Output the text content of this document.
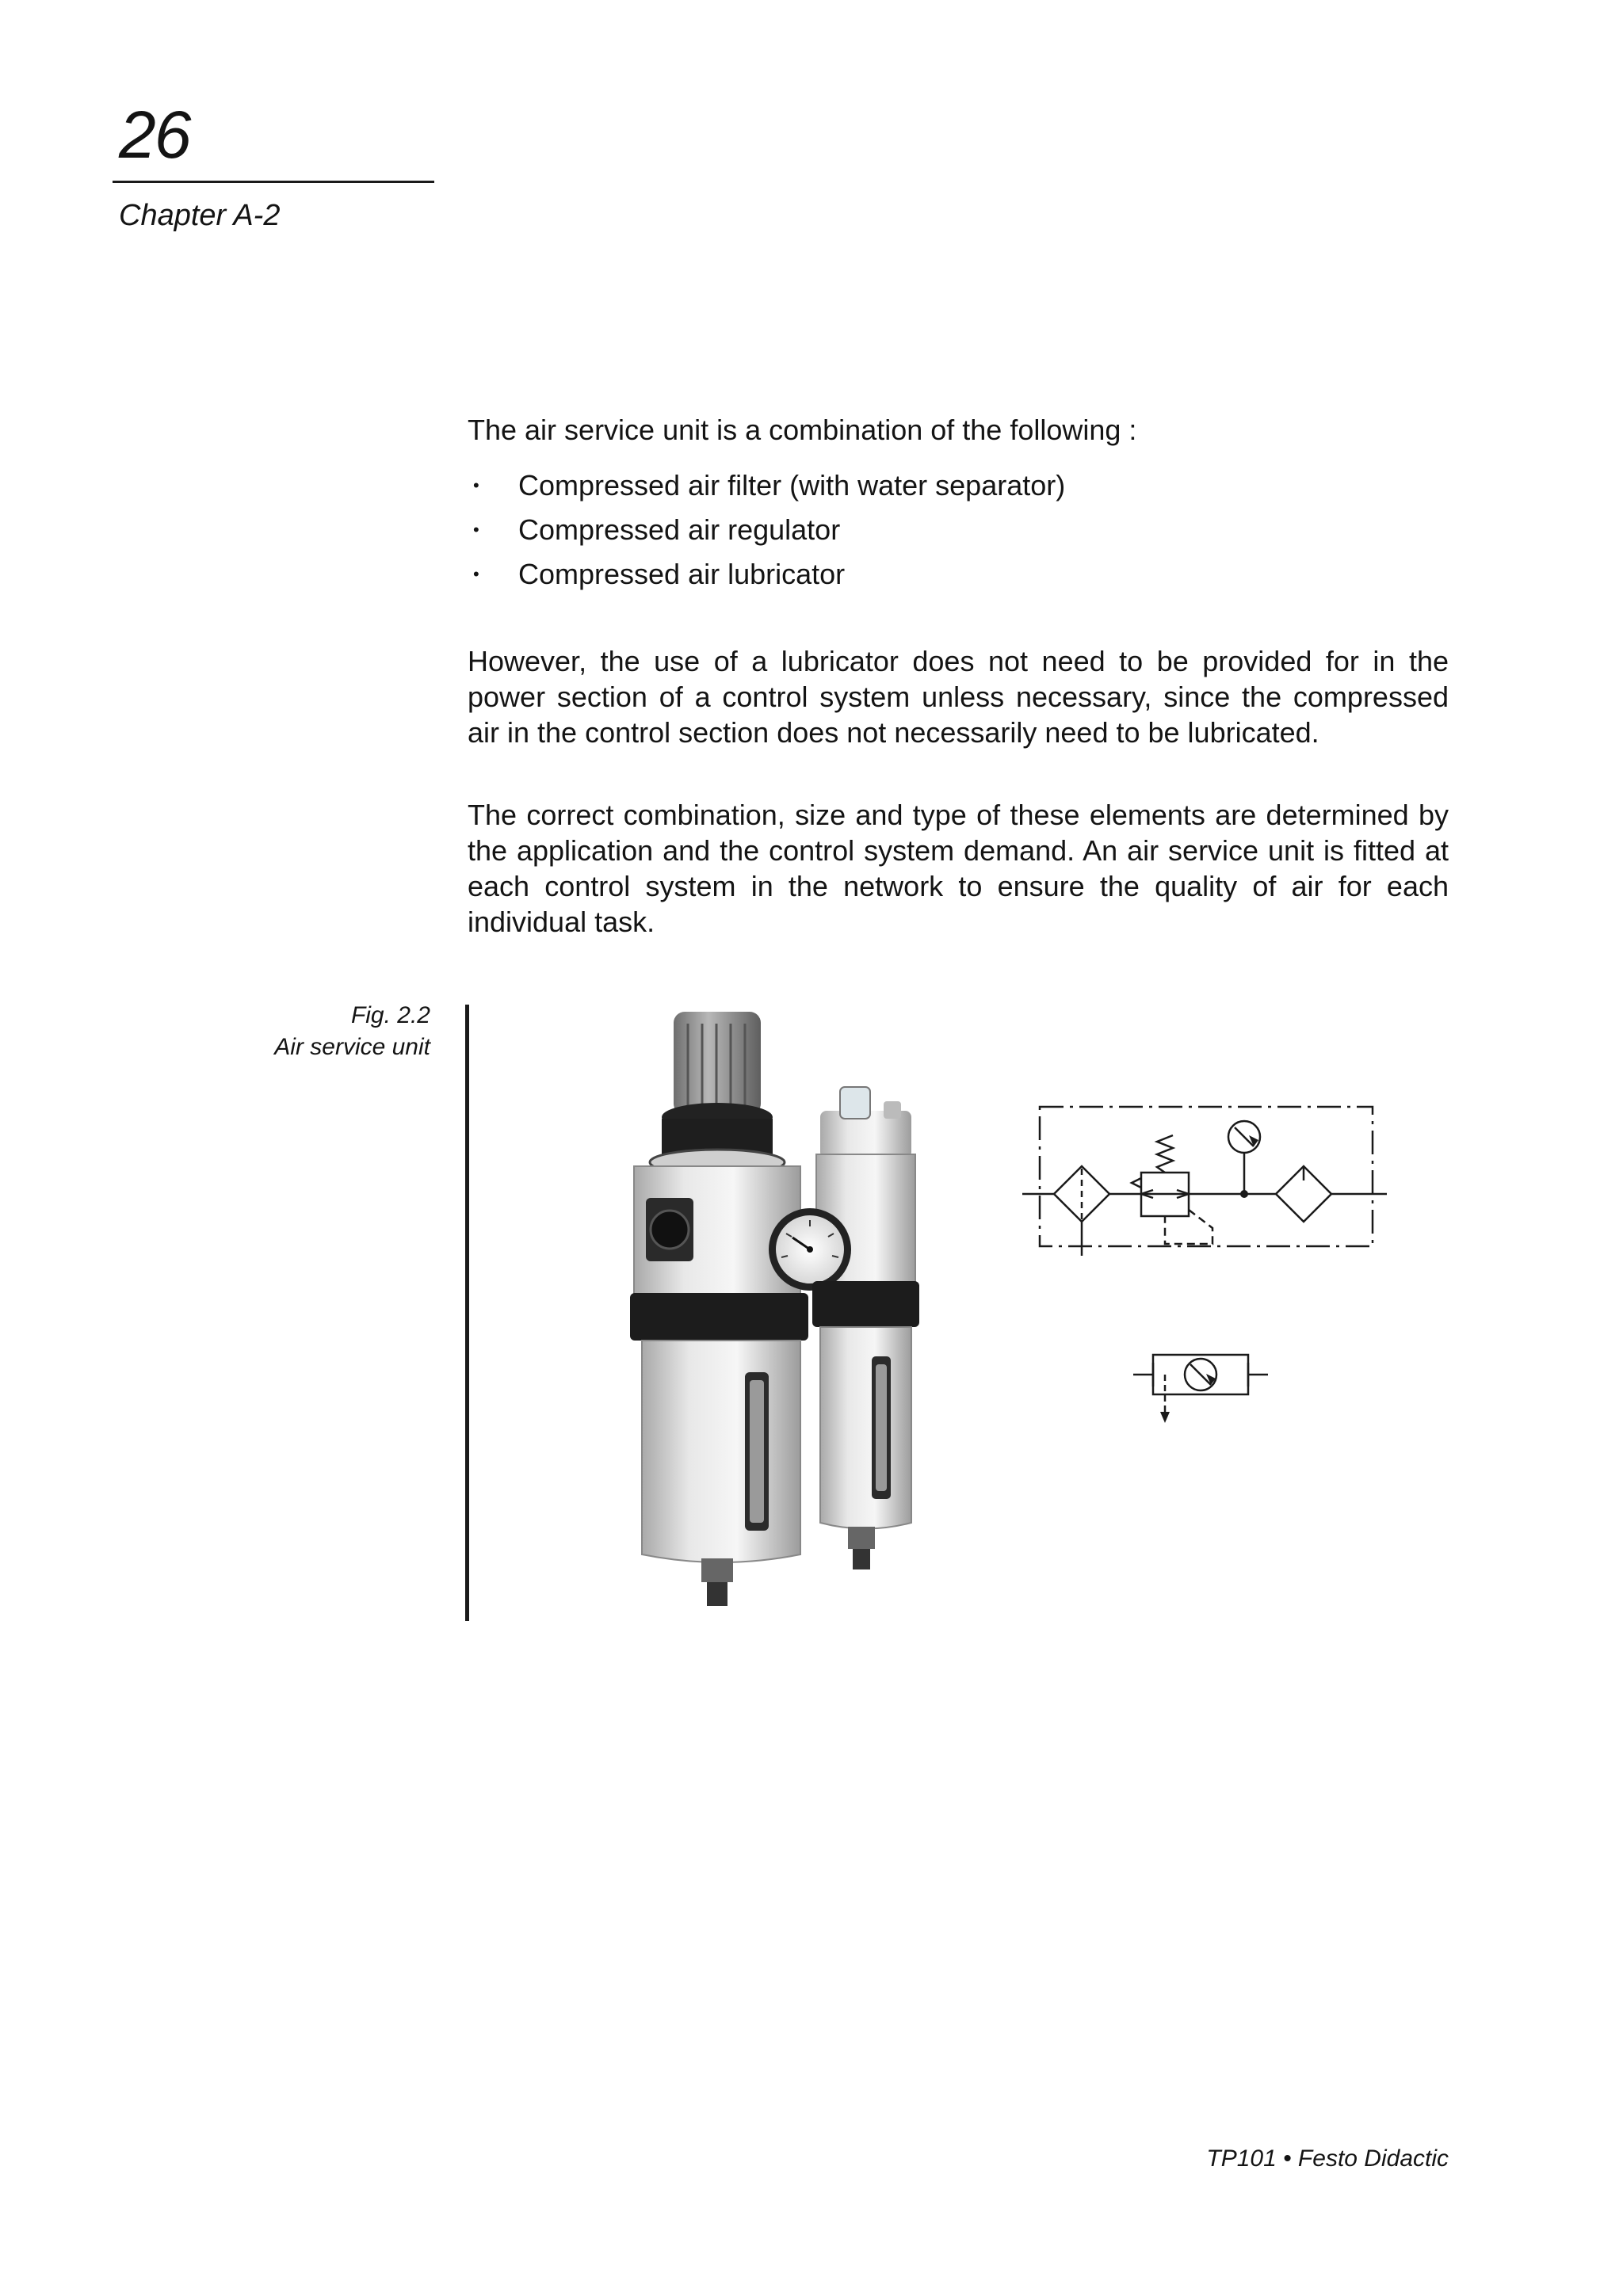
26
Chapter A-2
The air service unit is a combination of the following :
• Compressed air filter (with water separator)
• Compressed air regulator
• Compressed air lubricator

However, the use of a lubricator does not need to be provided for in the power section of a control system unless necessary, since the compressed air in the control section does not necessarily need to be lubricated.

The correct combination, size and type of these elements are determined by the application and the control system demand. An air service unit is fitted at each control system in the network to ensure the quality of air for each individual task.

Fig. 2.2
Air service unit
TP101 • Festo Didactic
